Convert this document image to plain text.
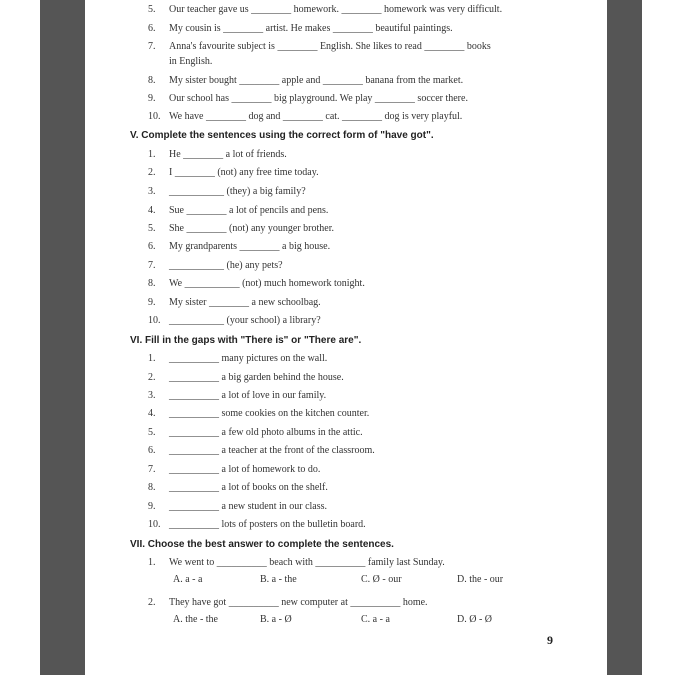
V. Complete the sentences using the correct form of "have got".
VI. Fill in the gaps with "There is" or "There are".
VII. Choose the best answer to complete the sentences.
9
5.	Our teacher gave us ________ homework. ________ homework was very difficult.
6.	My cousin is ________ artist. He makes ________ beautiful paintings.
7.	Anna's favourite subject is ________ English. She likes to read ________ books
in English.
8.	My sister bought ________ apple and ________ banana from the market.
9.	Our school has ________ big playground. We play ________ soccer there.
10. We have ________ dog and ________ cat. ________ dog is very playful.
1.	He ________ a lot of friends.
2.	I ________ (not) any free time today.
3.	___________ (they) a big family?
4.	Sue ________ a lot of pencils and pens.
5.	She ________ (not) any younger brother.
6.	My grandparents ________ a big house.
7.	___________ (he) any pets?
8.	We ___________ (not) much homework tonight.
9.	My sister ________ a new schoolbag.
10. ___________ (your school) a library?
1.	__________ many pictures on the wall.
2.	__________ a big garden behind the house.
3.	__________ a lot of love in our family.
4.	__________ some cookies on the kitchen counter.
5.	__________ a few old photo albums in the attic.
6.	__________ a teacher at the front of the classroom.
7.	__________ a lot of homework to do.
8.	__________ a lot of books on the shelf.
9.	__________ a new student in our class.
10. __________ lots of posters on the bulletin board.
1.	We went to __________ beach with __________ family last Sunday.
A. a - a	B. a - the	C. Ø - our	D. the - our
2.	They have got __________ new computer at __________ home.
A. the - the	B. a - Ø	C. a - a	D. Ø - Ø
